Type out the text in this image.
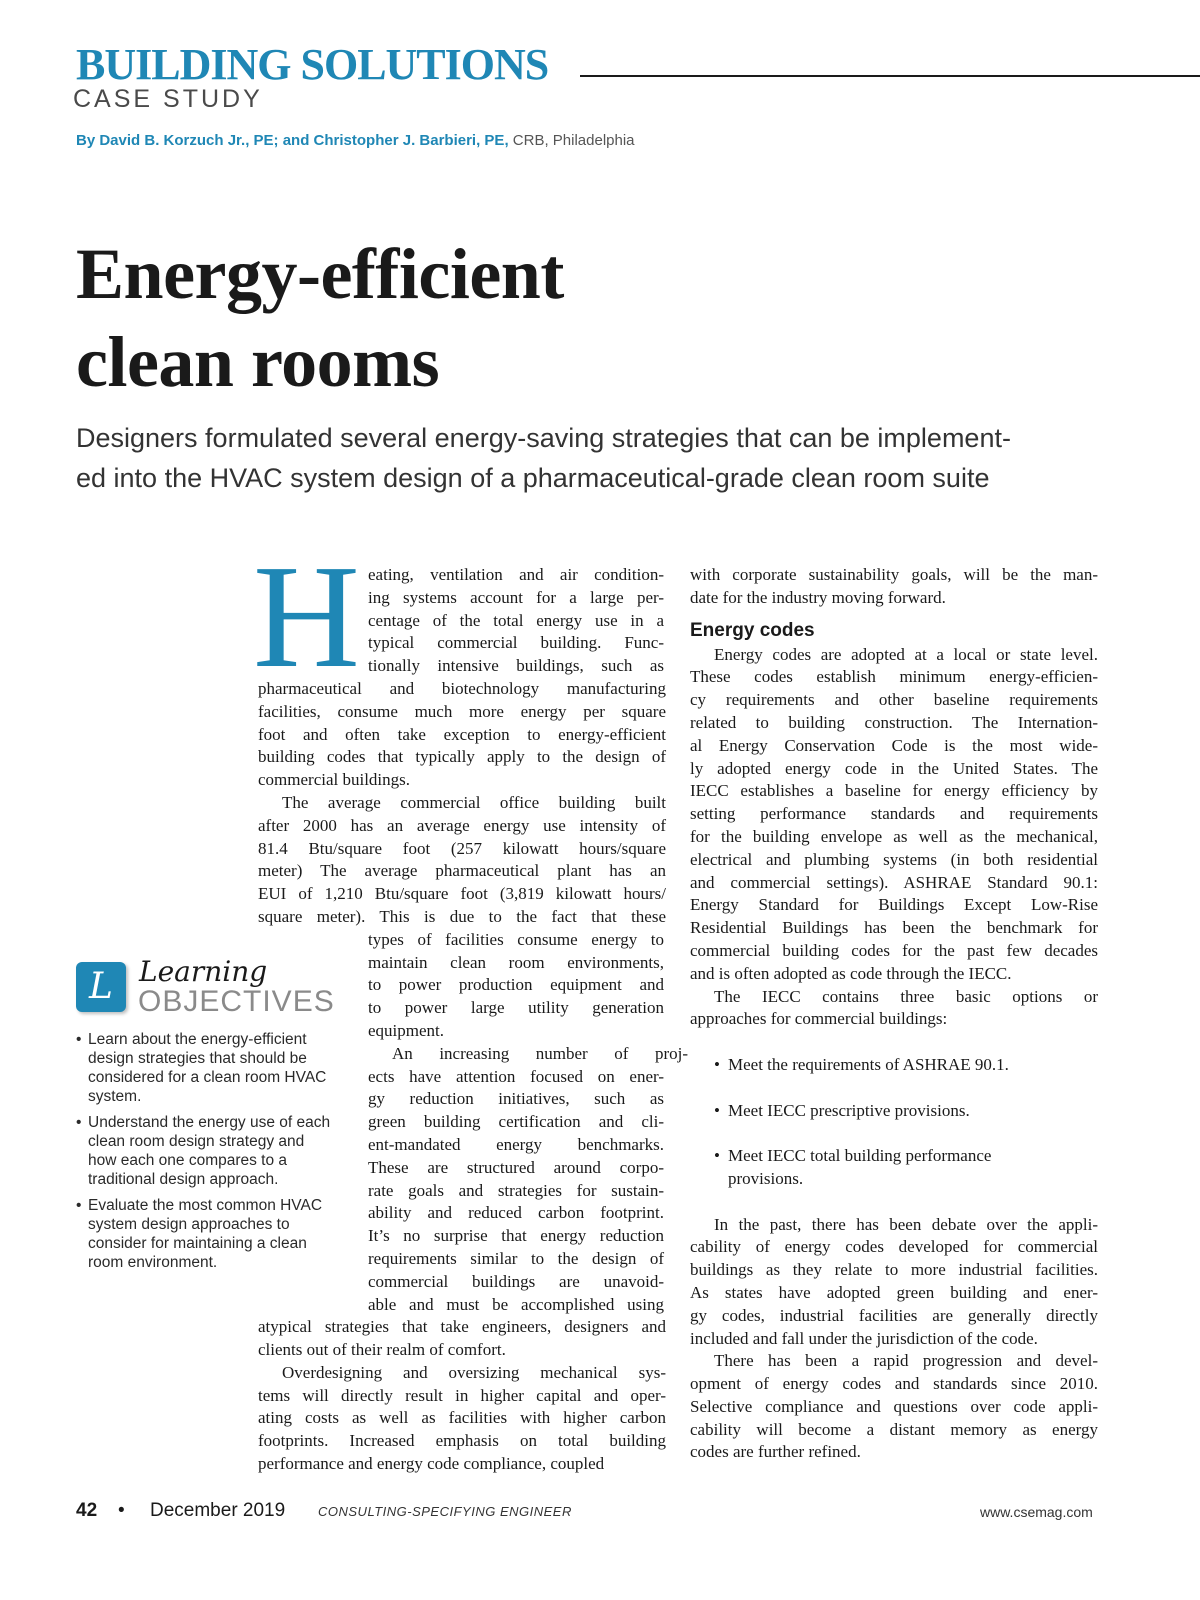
BUILDING SOLUTIONS
CASE STUDY
By David B. Korzuch Jr., PE; and Christopher J. Barbieri, PE, CRB, Philadelphia
Energy-efficient
clean rooms
Designers formulated several energy-saving strategies that can be implement-
ed into the HVAC system design of a pharmaceutical-grade clean room suite
H eating, ventilation and air condition-
ing systems account for a large per-
centage of the total energy use in a
typical commercial building. Func-
tionally intensive buildings, such as
pharmaceutical and biotechnology manufacturing
facilities, consume much more energy per square
foot and often take exception to energy-efficient
building codes that typically apply to the design of
commercial buildings.
The average commercial office building built
after 2000 has an average energy use intensity of
81.4 Btu/square foot (257 kilowatt hours/square
meter) The average pharmaceutical plant has an
EUI of 1,210 Btu/square foot (3,819 kilowatt hours/
square meter). This is due to the fact that these
types of facilities consume energy to
maintain clean room environments,
to power production equipment and
to power large utility generation
equipment.
An increasing number of proj-
ects have attention focused on ener-
gy reduction initiatives, such as
green building certification and cli-
ent-mandated energy benchmarks.
These are structured around corpo-
rate goals and strategies for sustain-
ability and reduced carbon footprint.
It’s no surprise that energy reduction
requirements similar to the design of
commercial buildings are unavoid-
able and must be accomplished using
atypical strategies that take engineers, designers and
clients out of their realm of comfort.
Overdesigning and oversizing mechanical sys-
tems will directly result in higher capital and oper-
ating costs as well as facilities with higher carbon
footprints. Increased emphasis on total building
performance and energy code compliance, coupled
with corporate sustainability goals, will be the man-
date for the industry moving forward.
Energy codes
Energy codes are adopted at a local or state level.
These codes establish minimum energy-efficien-
cy requirements and other baseline requirements
related to building construction. The Internation-
al Energy Conservation Code is the most wide-
ly adopted energy code in the United States. The
IECC establishes a baseline for energy efficiency by
setting performance standards and requirements
for the building envelope as well as the mechanical,
electrical and plumbing systems (in both residential
and commercial settings). ASHRAE Standard 90.1:
Energy Standard for Buildings Except Low-Rise
Residential Buildings has been the benchmark for
commercial building codes for the past few decades
and is often adopted as code through the IECC.
The IECC contains three basic options or
approaches for commercial buildings:
• Meet the requirements of ASHRAE 90.1.
• Meet IECC prescriptive provisions.
• Meet IECC total building performance
provisions.
In the past, there has been debate over the appli-
cability of energy codes developed for commercial
buildings as they relate to more industrial facilities.
As states have adopted green building and ener-
gy codes, industrial facilities are generally directly
included and fall under the jurisdiction of the code.
There has been a rapid progression and devel-
opment of energy codes and standards since 2010.
Selective compliance and questions over code appli-
cability will become a distant memory as energy
codes are further refined.
L Learning
OBJECTIVES
• Learn about the energy-efficient design strategies that should be considered for a clean room HVAC system.
• Understand the energy use of each clean room design strategy and how each one compares to a traditional design approach.
• Evaluate the most common HVAC system design approaches to consider for maintaining a clean room environment.
42 • December 2019	CONSULTING-SPECIFYING ENGINEER	www.csemag.com
